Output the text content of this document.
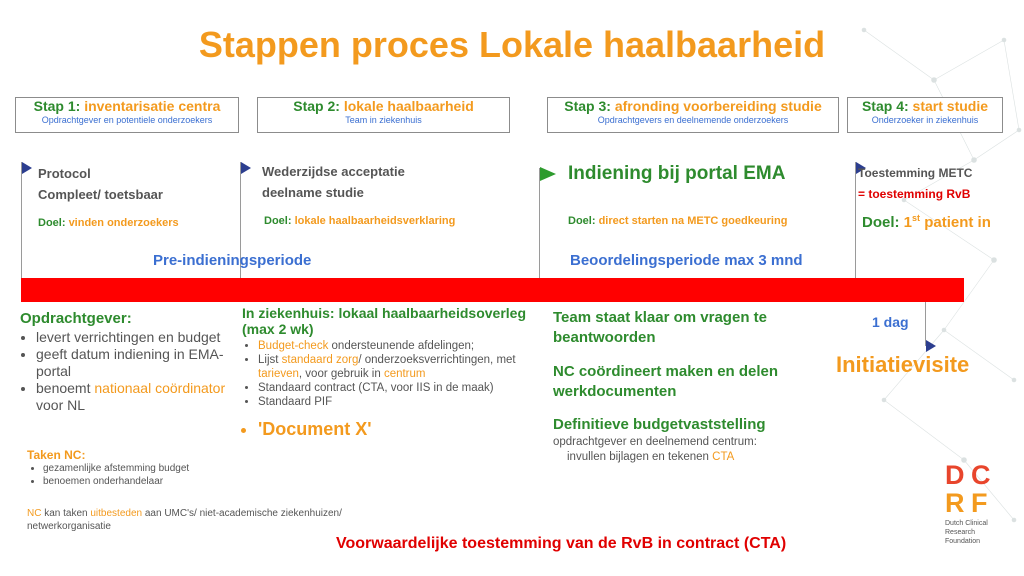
Stappen proces Lokale haalbaarheid
Stap 1: inventarisatie centra
Opdrachtgever en potentiele onderzoekers
Stap 2: lokale haalbaarheid
Team in ziekenhuis
Stap 3: afronding voorbereiding studie
Opdrachtgevers en deelnemende onderzoekers
Stap 4: start studie
Onderzoeker in ziekenhuis
Protocol
Compleet/ toetsbaar
Doel: vinden onderzoekers
Wederzijdse acceptatie
deelname studie
Doel: lokale haalbaarheidsverklaring
Indiening bij portal EMA
Doel: direct starten na METC goedkeuring
Toestemming METC
= toestemming RvB
Doel: 1st patient in
Pre-indieningsperiode	Beoordelingsperiode max 3 mnd
Opdrachtgever:
• levert verrichtingen en budget
• geeft datum indiening in EMA-portal
• benoemt nationaal coördinator voor NL
Taken NC:
• gezamenlijke afstemming budget
• benoemen onderhandelaar
NC kan taken uitbesteden aan UMC's/ niet-academische ziekenhuizen/ netwerkorganisatie
In ziekenhuis: lokaal haalbaarheidsoverleg (max 2 wk)
• Budget-check ondersteunende afdelingen;
• Lijst standaard zorg/ onderzoeksverrichtingen, met tarieven, voor gebruik in centrum
• Standaard contract (CTA, voor IIS in de maak)
• Standaard PIF
• 'Document X'
Team staat klaar om vragen te beantwoorden
NC coördineert maken en delen werkdocumenten
Definitieve budgetvaststelling
opdrachtgever en deelnemend centrum:
invullen bijlagen en tekenen CTA
1 dag
Initiatievisite
Voorwaardelijke toestemming van de RvB in contract (CTA)
D C
R F
Dutch Clinical
Research
Foundation
